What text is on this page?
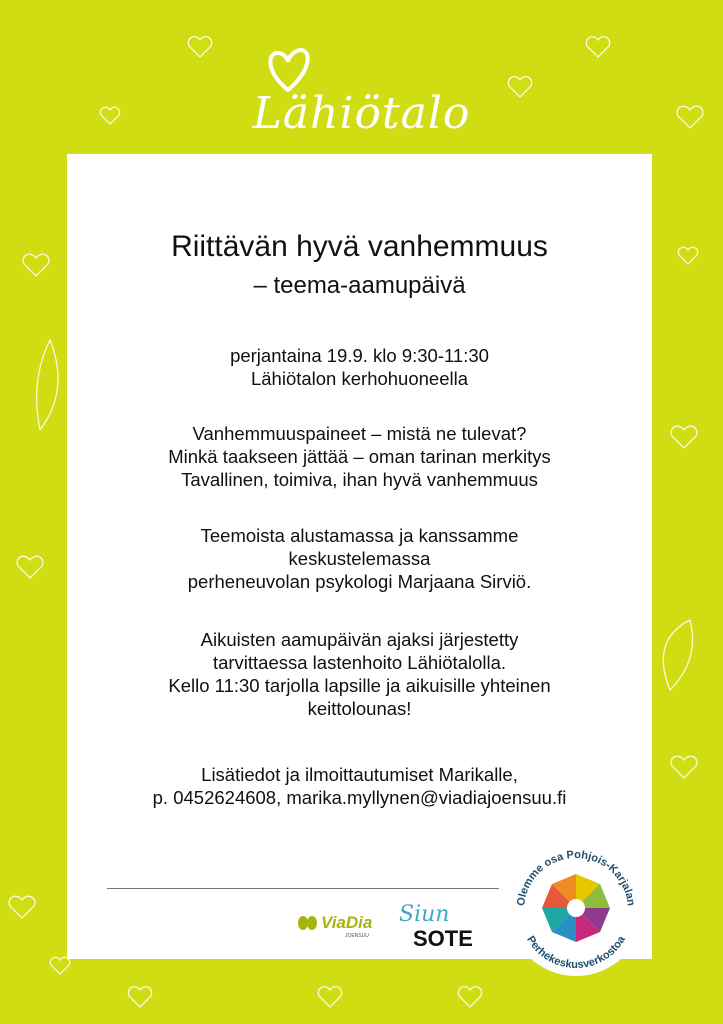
Lähiötalo
Riittävän hyvä vanhemmuus
– teema-aamupäivä
perjantaina 19.9. klo 9:30-11:30
Lähiötalon kerhohuoneella
Vanhemmuuspaineet – mistä ne tulevat?
Minkä taakseen jättää – oman tarinan merkitys
Tavallinen, toimiva, ihan hyvä vanhemmuus
Teemoista alustamassa ja kanssamme
keskustelemassa
perheneuvolan psykologi Marjaana Sirviö.
Aikuisten aamupäivän ajaksi järjestetty
tarvittaessa lastenhoito Lähiötalolla.
Kello 11:30 tarjolla lapsille ja aikuisille yhteinen
keittolounas!
Lisätiedot ja ilmoittautumiset Marikalle,
p. 0452624608, marika.myllynen@viadiajoensuu.fi
ViaDia
JOENSUU
Siun
SOTE
Olemme osa Pohjois-Karjalan
Perhekeskusverkostoa
